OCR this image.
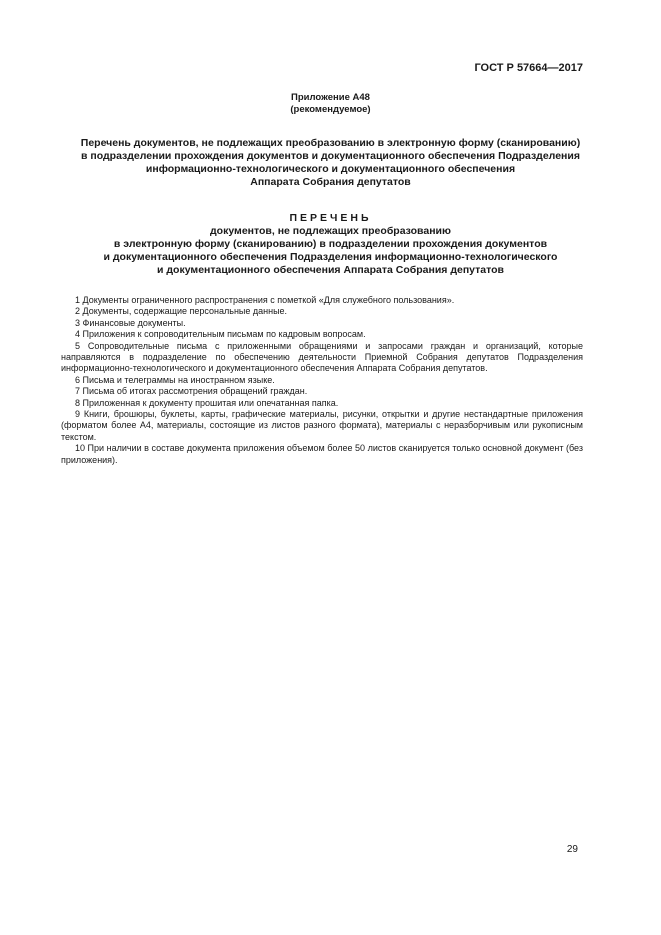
ГОСТ Р 57664—2017
Приложение А48
(рекомендуемое)
Перечень документов, не подлежащих преобразованию в электронную форму (сканированию)
в подразделении прохождения документов и документационного обеспечения Подразделения
информационно-технологического и документационного обеспечения
Аппарата Собрания депутатов
ПЕРЕЧЕНЬ
документов, не подлежащих преобразованию
в электронную форму (сканированию) в подразделении прохождения документов
и документационного обеспечения Подразделения информационно-технологического
и документационного обеспечения Аппарата Собрания депутатов

1 Документы ограниченного распространения с пометкой «Для служебного пользования».

2 Документы, содержащие персональные данные.

3 Финансовые документы.

4 Приложения к сопроводительным письмам по кадровым вопросам.

5 Сопроводительные письма с приложенными обращениями и запросами граждан и организаций, которые направляются в подразделение по обеспечению деятельности Приемной Собрания депутатов Подразделения информационно-технологического и документационного обеспечения Аппарата Собрания депутатов.

6 Письма и телеграммы на иностранном языке.

7 Письма об итогах рассмотрения обращений граждан.

8 Приложенная к документу прошитая или опечатанная папка.

9 Книги, брошюры, буклеты, карты, графические материалы, рисунки, открытки и другие нестандартные приложения (форматом более А4, материалы, состоящие из листов разного формата), материалы с неразборчивым или рукописным текстом.

10 При наличии в составе документа приложения объемом более 50 листов сканируется только основной документ (без приложения).

29
